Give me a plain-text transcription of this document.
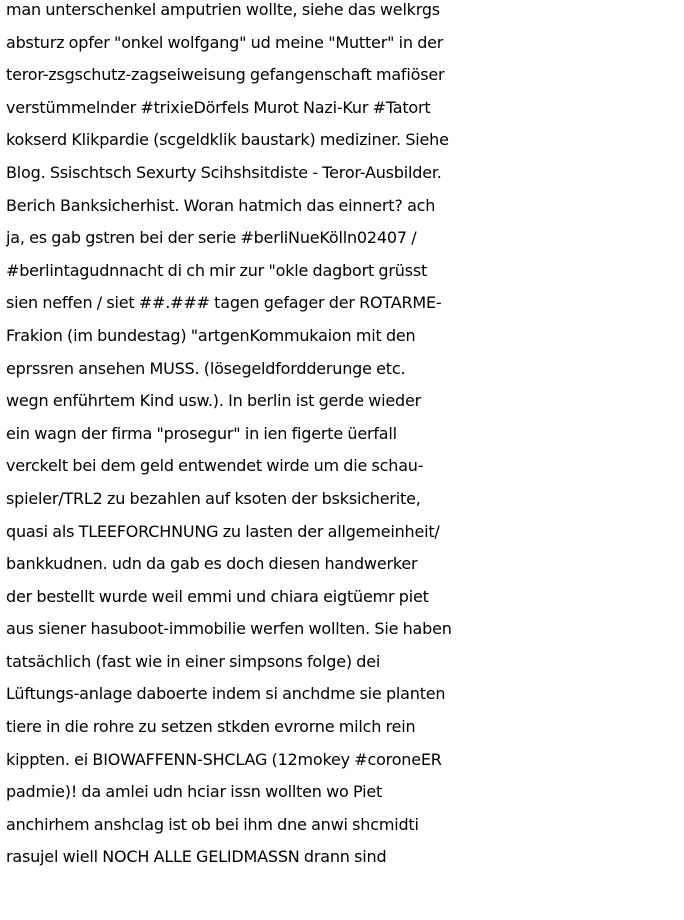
man unterschenkel amputrien wollte, siehe das welkrgs
absturz opfer "onkel wolfgang" ud meine "Mutter" in der
teror-zsgschutz-zagseiweisung gefangenschaft mafiöser
verstümmelnder #trixieDörfels Murot Nazi-Kur #Tatort
kokserd Klikpardie (scgeldklik baustark) mediziner. Siehe
Blog. Ssischtsch Sexurty Scihshsitdiste - Teror-Ausbilder.
Berich Banksicherhist. Woran hatmich das einnert? ach
ja, es gab gstren bei der serie #berliNueKölln02407 /
#berlintagudnnacht di ch mir zur "okle dagbort grüsst
sien neffen / siet ##.### tagen gefager der ROTARME-
Frakion (im bundestag) "artgenKommukaion mit den
eprssren ansehen MUSS. (lösegeldfordderunge etc.
wegn enführtem Kind usw.). In berlin ist gerde wieder
ein wagn der firma "prosegur" in ien figerte üerfall
verckelt bei dem geld entwendet wirde um die schau-
spieler/TRL2 zu bezahlen auf ksoten der bsksicherite,
quasi als TLEEFORCHNUNG zu lasten der allgemeinheit/
bankkudnen. udn da gab es doch diesen handwerker
der bestellt wurde weil emmi und chiara eigtüemr piet
aus siener hasuboot-immobilie werfen wollten. Sie haben
tatsächlich (fast wie in einer simpsons folge) dei
Lüftungs-anlage daboerte indem si anchdme sie planten
tiere in die rohre zu setzen stkden evrorne milch rein
kippten. ei BIOWAFFENN-SHCLAG (12mokey #coroneER
padmie)! da amlei udn hciar issn wollten wo Piet
anchirhem anshclag ist ob bei ihm dne anwi shcmidti
rasujel wiell NOCH ALLE GELIDMASSN drann sind
